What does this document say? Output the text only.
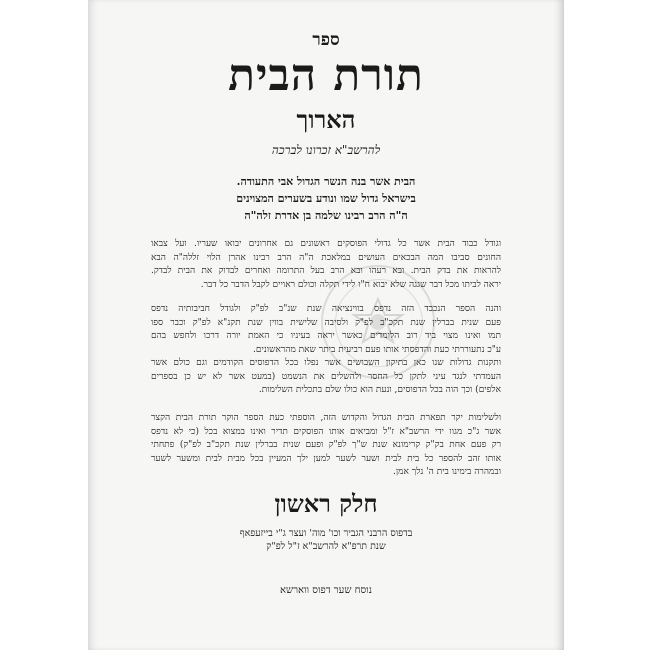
ספר
תורת הבית
הארוך
להרשב"א זכרונו לברכה
הבית אשר בנה הנשר הגדול אבי התעודה.
בישראל גדול שמו ונודע בשערים המצוינים
ה"ה הרב רבינו שלמה בן אדרת זלה"ה
וגודל כבוד הבית אשר כל גדולי הפוסקים ראשונים גם אחרונים יבואו שעריו. ועל צבאו
החונים סביבו המה הבכאים העושים במלאכת ה"ה הרב רבינו אהרן הלוי זללה"ה הבא
להראות את בדק הבית. ובא רעהו ובא הרב בעל התרומה ואחרים לבדוק את הבית לבדק.
יראה לביתו מכל דבר שגגה שלא יבוא ח"ו לידי תקלה וכולם ראויים לקבל הדבר כל דבר.
והנה הספר הנכבד הזה נדפס בווינציאה שנת שנ"ב לפ"ק ולגודל חביבותיה נדפס
פעם שנית בברלין שנת תקכ"ב לפ"ק ולסיבה שלישית בווין שנת תקנ"א לפ"ק וכבר ספו
תמו ואינו מצוי ביד רוב הלומדים כאשר יראה בעיניו כי האמת יורה דרכו ולחפש בהם
ע"כ נתעוררתי כעת והדפסתי אותו פעם רביעית ביתר שאת מהראשונים.
ותקנות גדולות שנו כאן בתיקון השבושים אשר נפלו בכל הדפוסים הקודמים וגם כולם אשר
העמדתי לנגד עיני לתקן כל החסר ולהשלים את הנשמט (במעט אשר לא יש כן בספרים
אלפים) וכך הוה בכל הדפוסים, ונעת הוא כולו שלם בתכלית השלימות.
ולשלימות יקר תפארת הבית הגדול והקדוש הזה, הוספתי כעת הספר הוקר תורת הבית הקצר
אשר ג"כ מגוו ידי הרשב"א ז"ל ומביאים אותו הפוסקים תדיר ואינו במצוא בכל (כי לא נדפס
רק פעם אחת בק"ק קרימונא שנת ש"ך לפ"ק ופעם שנית בברלין שנת תקכ"ב לפ"ק) פתחתי
אותו זהב להספר כל בית לבית ושער לשער למען ילך המעיין בכל מבית לבית ומשער לשער
ובמהרה בימינו בית ה' נלך אמן.
חלק ראשון
בדפוס הרבני הגביר וכו' מוה' ועצר ג"י בייזעפאף
שנת תרפ"א להרשב"א ז"ל לפ"ק
נוסח שער דפוס ווארשא
